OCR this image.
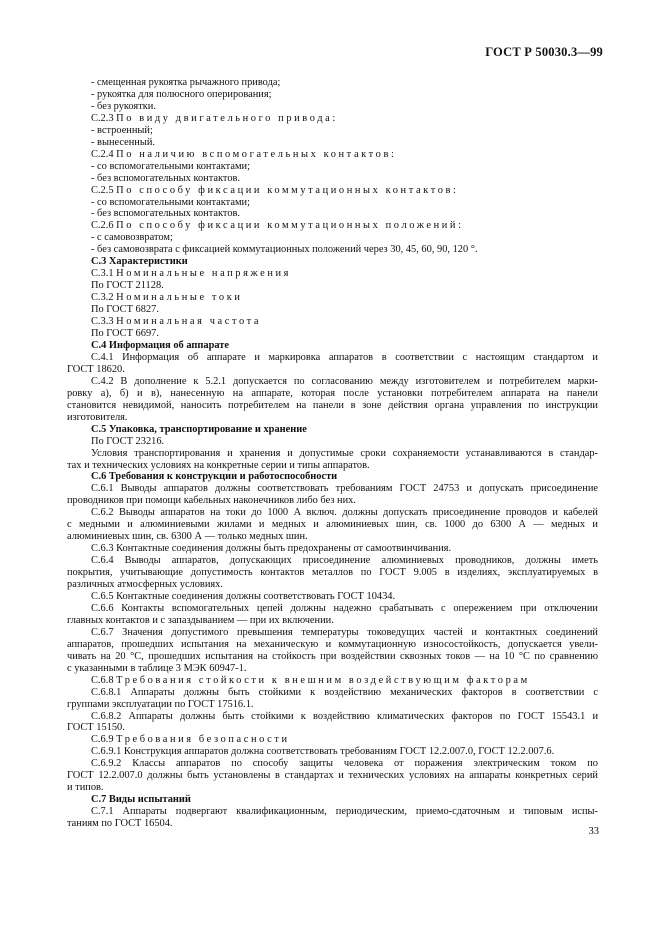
ГОСТ Р 50030.3—99
- смещенная рукоятка рычажного привода;
- рукоятка для полюсного оперирования;
- без рукоятки.
С.2.3 По виду двигательного привода:
- встроенный;
- вынесенный.
С.2.4 По наличию вспомогательных контактов:
- со вспомогательными контактами;
- без вспомогательных контактов.
С.2.5 По способу фиксации коммутационных контактов:
- со вспомогательными контактами;
- без вспомогательных контактов.
С.2.6 По способу фиксации коммутационных положений:
- с самовозвратом;
- без самовозврата с фиксацией коммутационных положений через 30, 45, 60, 90, 120 °.
С.3 Характеристики
С.3.1 Номинальные напряжения
По ГОСТ 21128.
С.3.2 Номинальные токи
По ГОСТ 6827.
С.3.3 Номинальная частота
По ГОСТ 6697.
С.4 Информация об аппарате
С.4.1 Информация об аппарате и маркировка аппаратов в соответствии с настоящим стандартом и
ГОСТ 18620.
С.4.2 В дополнение к 5.2.1 допускается по согласованию между изготовителем и потребителем марки-
ровку а), б) и в), нанесенную на аппарате, которая после установки потребителем аппарата на панели
становится невидимой, наносить потребителем на панели в зоне действия органа управления по инструкции
изготовителя.
С.5 Упаковка, транспортирование и хранение
По ГОСТ 23216.
Условия транспортирования и хранения и допустимые сроки сохраняемости устанавливаются в стандар-
тах и технических условиях на конкретные серии и типы аппаратов.
С.6 Требования к конструкции и работоспособности
С.6.1 Выводы аппаратов должны соответствовать требованиям ГОСТ 24753 и допускать присоединение
проводников при помощи кабельных наконечников либо без них.
С.6.2 Выводы аппаратов на токи до 1000 А включ. должны допускать присоединение проводов и кабелей
с медными и алюминиевыми жилами и медных и алюминиевых шин, св. 1000 до 6300 А — медных и
алюминиевых шин, св. 6300 А — только медных шин.
С.6.3 Контактные соединения должны быть предохранены от самоотвинчивания.
С.6.4 Выводы аппаратов, допускающих присоединение алюминиевых проводников, должны иметь
покрытия, учитывающие допустимость контактов металлов по ГОСТ 9.005 в изделиях, эксплуатируемых в
различных атмосферных условиях.
С.6.5 Контактные соединения должны соответствовать ГОСТ 10434.
С.6.6 Контакты вспомогательных цепей должны надежно срабатывать с опережением при отключении
главных контактов и с запаздыванием — при их включении.
С.6.7 Значения допустимого превышения температуры токоведущих частей и контактных соединений
аппаратов, прошедших испытания на механическую и коммутационную износостойкость, допускается увели-
чивать на 20 °С, прошедших испытания на стойкость при воздействии сквозных токов — на 10 °С по сравнению
с указанными в таблице 3 МЭК 60947-1.
С.6.8 Требования стойкости к внешним воздействующим факторам
С.6.8.1 Аппараты должны быть стойкими к воздействию механических факторов в соответствии с
группами эксплуатации по ГОСТ 17516.1.
С.6.8.2 Аппараты должны быть стойкими к воздействию климатических факторов по ГОСТ 15543.1 и
ГОСТ 15150.
С.6.9 Требования безопасности
С.6.9.1 Конструкция аппаратов должна соответствовать требованиям ГОСТ 12.2.007.0, ГОСТ 12.2.007.6.
С.6.9.2 Классы аппаратов по способу защиты человека от поражения электрическим током по
ГОСТ 12.2.007.0 должны быть установлены в стандартах и технических условиях на аппараты конкретных серий
и типов.
С.7 Виды испытаний
С.7.1 Аппараты подвергают квалификационным, периодическим, приемо-сдаточным и типовым испы-
таниям по ГОСТ 16504.
33
